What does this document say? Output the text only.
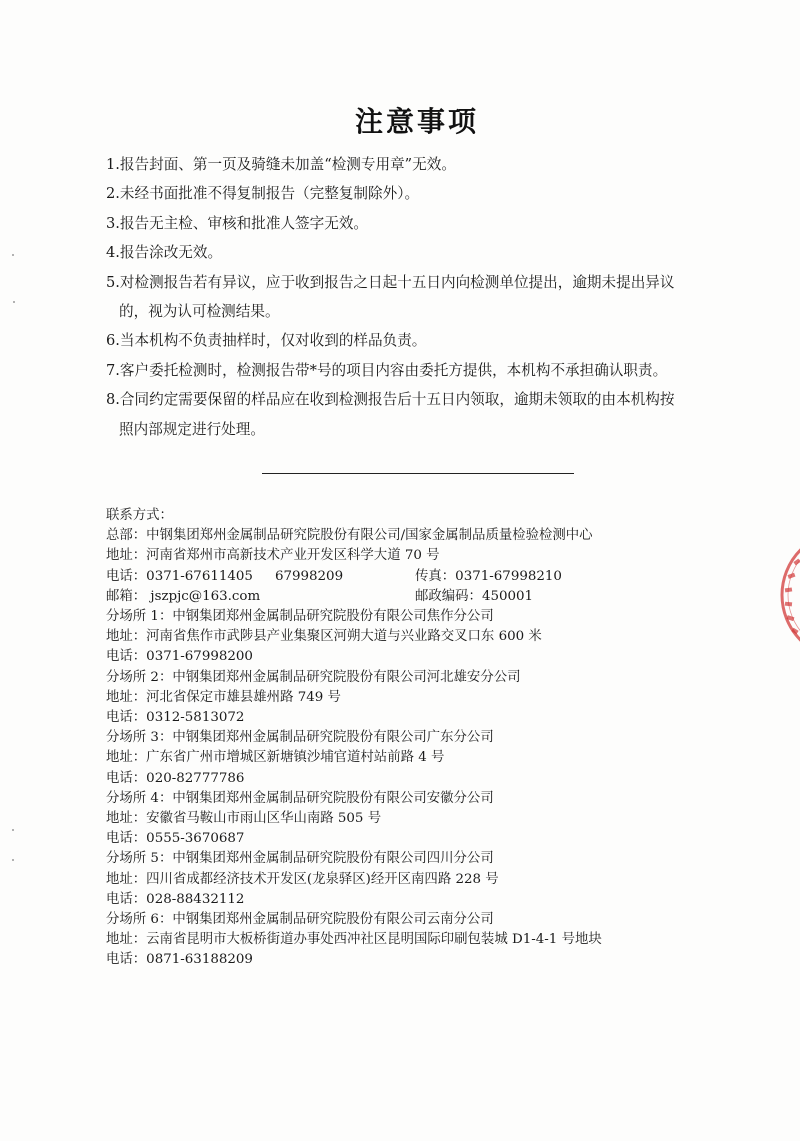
注意事项
1.报告封面、第一页及骑缝未加盖“检测专用章”无效。
2.未经书面批准不得复制报告（完整复制除外）。
3.报告无主检、审核和批准人签字无效。
4.报告涂改无效。
5.对检测报告若有异议，应于收到报告之日起十五日内向检测单位提出，逾期未提出异议
的，视为认可检测结果。
6.当本机构不负责抽样时，仅对收到的样品负责。
7.客户委托检测时，检测报告带*号的项目内容由委托方提供，本机构不承担确认职责。
8.合同约定需要保留的样品应在收到检测报告后十五日内领取，逾期未领取的由本机构按
照内部规定进行处理。
联系方式：
总部：中钢集团郑州金属制品研究院股份有限公司/国家金属制品质量检验检测中心
地址：河南省郑州市高新技术产业开发区科学大道 70 号
电话：0371-67611405 67998209	传真：0371-67998210
邮箱： jszpjc@163.com	邮政编码：450001
分场所 1：中钢集团郑州金属制品研究院股份有限公司焦作分公司
地址：河南省焦作市武陟县产业集聚区河朔大道与兴业路交叉口东 600 米
电话：0371-67998200
分场所 2：中钢集团郑州金属制品研究院股份有限公司河北雄安分公司
地址：河北省保定市雄县雄州路 749 号
电话：0312-5813072
分场所 3：中钢集团郑州金属制品研究院股份有限公司广东分公司
地址：广东省广州市增城区新塘镇沙埔官道村站前路 4 号
电话：020-82777786
分场所 4：中钢集团郑州金属制品研究院股份有限公司安徽分公司
地址：安徽省马鞍山市雨山区华山南路 505 号
电话：0555-3670687
分场所 5：中钢集团郑州金属制品研究院股份有限公司四川分公司
地址：四川省成都经济技术开发区(龙泉驿区)经开区南四路 228 号
电话：028-88432112
分场所 6：中钢集团郑州金属制品研究院股份有限公司云南分公司
地址：云南省昆明市大板桥街道办事处西冲社区昆明国际印刷包装城 D1-4-1 号地块
电话：0871-63188209
